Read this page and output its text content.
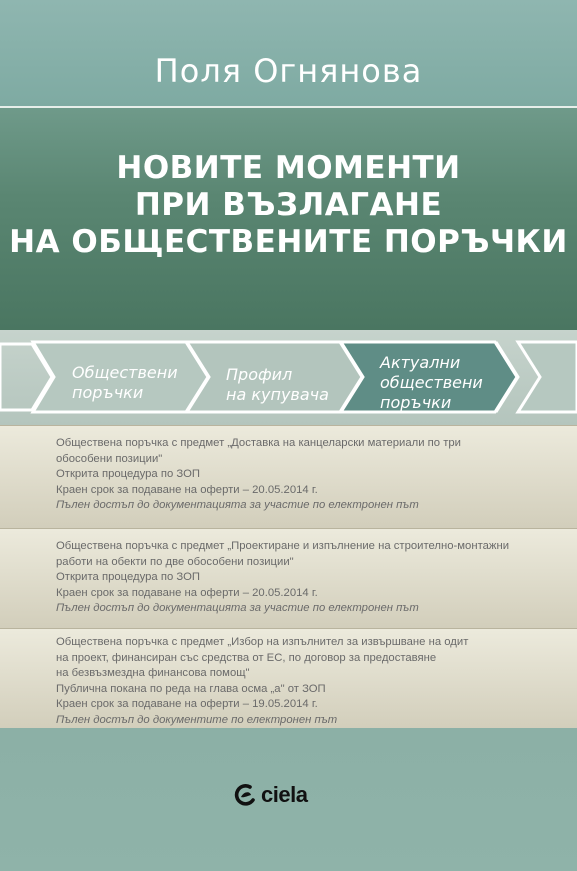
Поля Огнянова
НОВИТЕ МОМЕНТИ
ПРИ ВЪЗЛАГАНЕ
НА ОБЩЕСТВЕНИТЕ ПОРЪЧКИ
Обществени
поръчки
Профил
на купувача
Актуални
обществени
поръчки
Обществена поръчка с предмет „Доставка на канцеларски материали по три
обособени позиции"
Открита процедура по ЗОП
Краен срок за подаване на оферти – 20.05.2014 г.
Пълен достъп до документацията за участие по електронен път
Обществена поръчка с предмет „Проектиране и изпълнение на строително-монтажни
работи на обекти по две обособени позиции"
Открита процедура по ЗОП
Краен срок за подаване на оферти – 20.05.2014 г.
Пълен достъп до документацията за участие по електронен път
Обществена поръчка с предмет „Избор на изпълнител за извършване на одит
на проект, финансиран със средства от ЕС, по договор за предоставяне
на безвъзмездна финансова помощ"
Публична покана по реда на глава осма „а" от ЗОП
Краен срок за подаване на оферти – 19.05.2014 г.
Пълен достъп до документите по електронен път
ciela
